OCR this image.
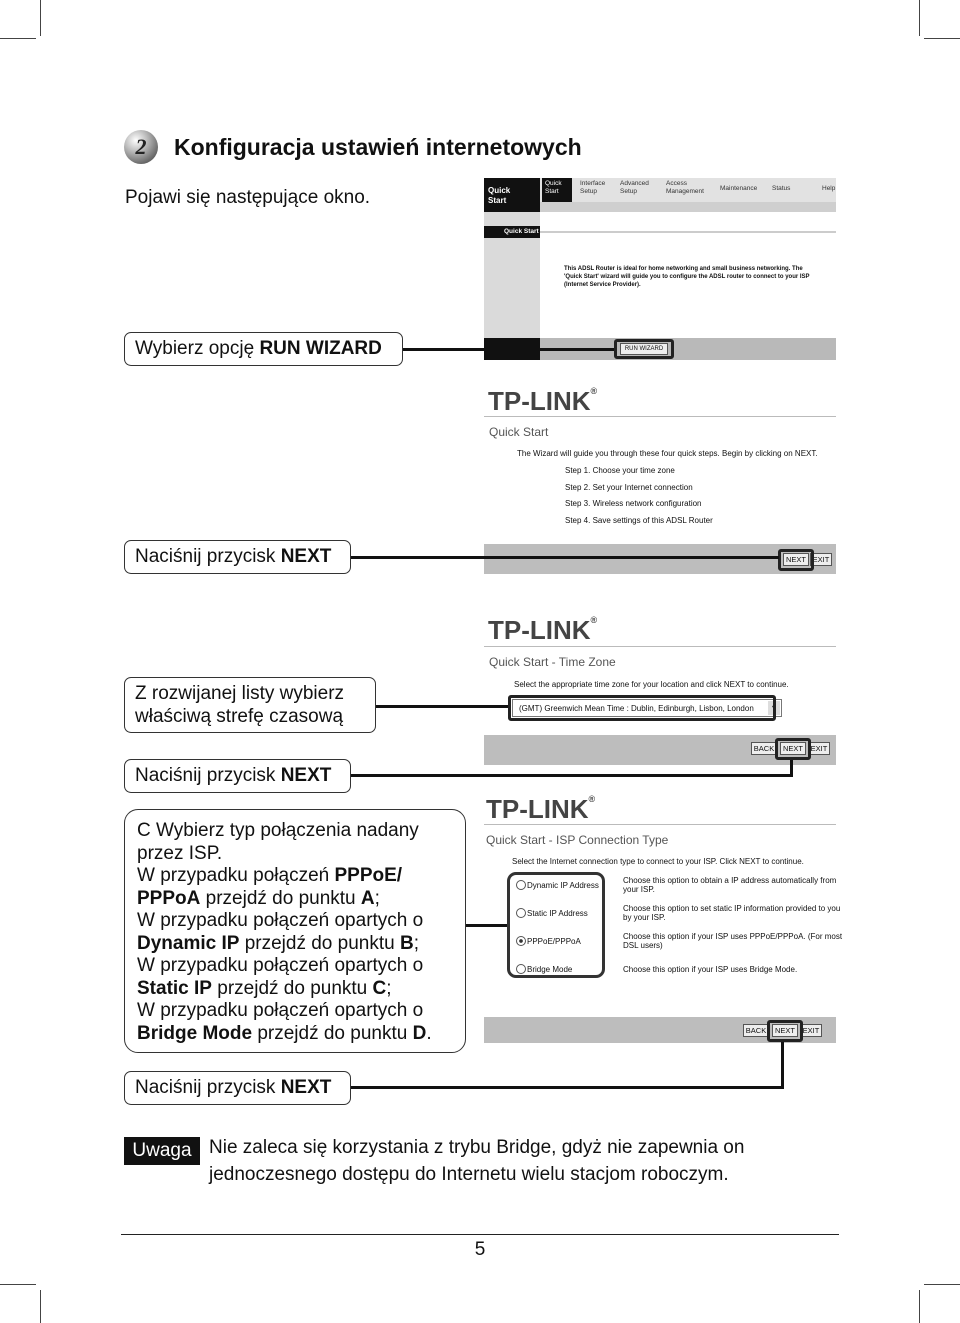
2	Konfiguracja ustawień internetowych
Pojawi się następujące okno.	Quick Start
Quick Start
Interface Setup
Advanced Setup
Access Management	Maintenance Status	Help
Quick Start
This ADSL Router is ideal for home networking and small business networking. The
'Quick Start' wizard will guide you to configure the ADSL router to connect to your ISP
(Internet Service Provider).
RUN WIZARD
Wybierz opcję RUN WIZARD
TP-LINK®
Quick Start
The Wizard will guide you through these four quick steps. Begin by clicking on NEXT.
Step 1. Choose your time zone
Step 2. Set your Internet connection
Step 3. Wireless network configuration
Step 4. Save settings of this ADSL Router
NEXT EXIT
Naciśnij przycisk NEXT
TP-LINK®
Quick Start - Time Zone
Select the appropriate time zone for your location and click NEXT to continue.
(GMT) Greenwich Mean Time : Dublin, Edinburgh, Lisbon, London	▾
BACK	NEXT	EXIT
Z rozwijanej listy wybierz
właściwą strefę czasową
Naciśnij przycisk NEXT
TP-LINK®
Quick Start - ISP Connection Type
Select the Internet connection type to connect to your ISP. Click NEXT to continue.
Dynamic IP Address
Choose this option to obtain a IP address automatically from
your ISP.
Static IP Address
Choose this option to set static IP information provided to you
by your ISP.
PPPoE/PPPoA
Choose this option if your ISP uses PPPoE/PPPoA. (For most
DSL users)
Bridge Mode	Choose this option if your ISP uses Bridge Mode.
BACK	NEXT	EXIT
C Wybierz typ połączenia nadany
przez ISP.
W przypadku połączeń PPPoE/
PPPoA przejdź do punktu A;
W przypadku połączeń opartych o
Dynamic IP przejdź do punktu B;
W przypadku połączeń opartych o
Static IP przejdź do punktu C;
W przypadku połączeń opartych o
Bridge Mode przejdź do punktu D.
Naciśnij przycisk NEXT
Uwaga Nie zaleca się korzystania z trybu Bridge, gdyż nie zapewnia on
jednoczesnego dostępu do Internetu wielu stacjom roboczym.
5
